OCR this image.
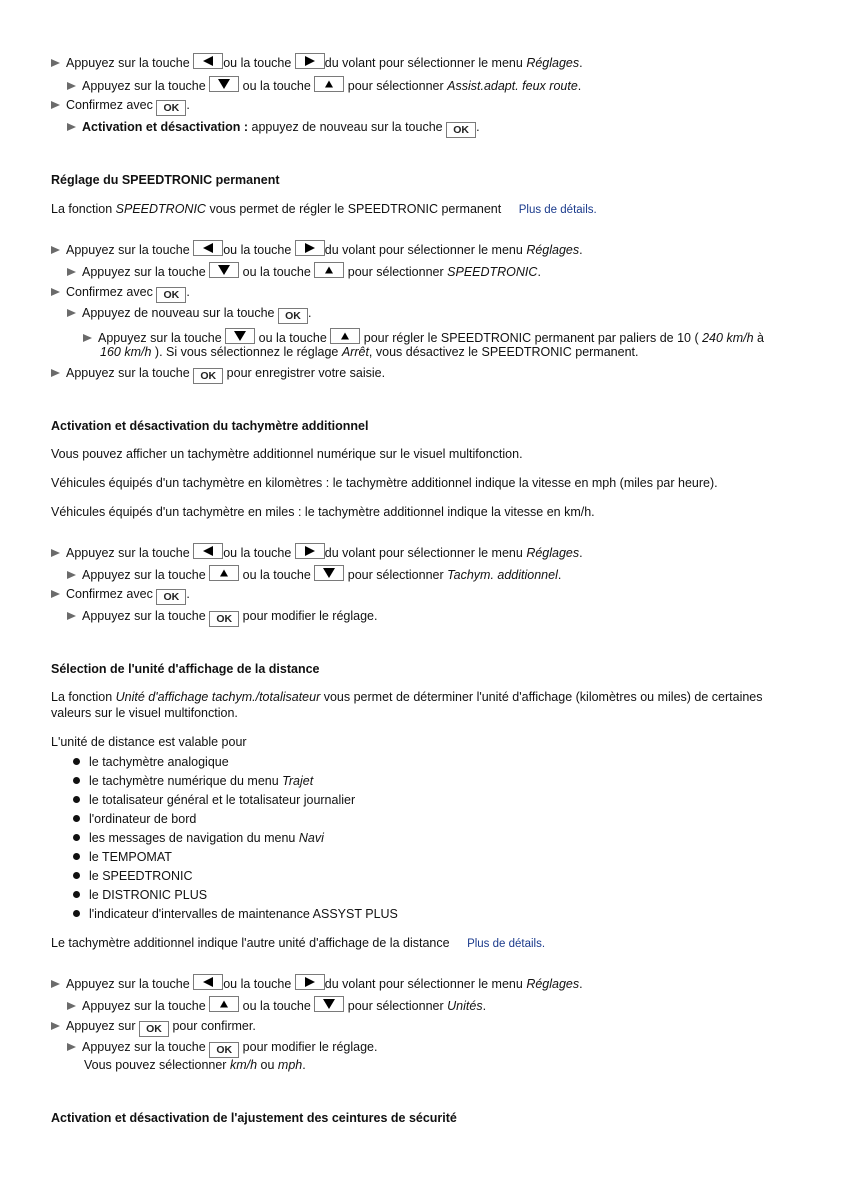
Appuyez sur la touche	ou la touche	du volant pour sélectionner le menu Réglages.
Appuyez sur la touche	ou la touche	pour sélectionner Assist.adapt. feux route.
Confirmez avec OK .
Activation et désactivation : appuyez de nouveau sur la touche OK .
Réglage du SPEEDTRONIC permanent
La fonction SPEEDTRONIC vous permet de régler le SPEEDTRONIC permanent Plus de détails.
Appuyez sur la touche	ou la touche	du volant pour sélectionner le menu Réglages.
Appuyez sur la touche	ou la touche	pour sélectionner SPEEDTRONIC.
Confirmez avec OK .
Appuyez de nouveau sur la touche OK .
Appuyez sur la touche	ou la touche	pour régler le SPEEDTRONIC permanent par paliers de 10 ( 240 km/h à
160 km/h ). Si vous sélectionnez le réglage Arrêt, vous désactivez le SPEEDTRONIC permanent.
Appuyez sur la touche OK pour enregistrer votre saisie.
Activation et désactivation du tachymètre additionnel
Vous pouvez afficher un tachymètre additionnel numérique sur le visuel multifonction.
Véhicules équipés d'un tachymètre en kilomètres : le tachymètre additionnel indique la vitesse en mph (miles par heure).
Véhicules équipés d'un tachymètre en miles : le tachymètre additionnel indique la vitesse en km/h.
Appuyez sur la touche	ou la touche	du volant pour sélectionner le menu Réglages.
Appuyez sur la touche	ou la touche	pour sélectionner Tachym. additionnel.
Confirmez avec OK .
Appuyez sur la touche OK pour modifier le réglage.
Sélection de l'unité d'affichage de la distance
La fonction Unité d'affichage tachym./totalisateur vous permet de déterminer l'unité d'affichage (kilomètres ou miles) de certaines
valeurs sur le visuel multifonction.
L'unité de distance est valable pour
le tachymètre analogique
le tachymètre numérique du menu Trajet
le totalisateur général et le totalisateur journalier
l'ordinateur de bord
les messages de navigation du menu Navi
le TEMPOMAT
le SPEEDTRONIC
le DISTRONIC PLUS
l'indicateur d'intervalles de maintenance ASSYST PLUS
Le tachymètre additionnel indique l'autre unité d'affichage de la distance Plus de détails.
Appuyez sur la touche	ou la touche	du volant pour sélectionner le menu Réglages.
Appuyez sur la touche	ou la touche	pour sélectionner Unités.
Appuyez sur OK pour confirmer.
Appuyez sur la touche OK pour modifier le réglage.
Vous pouvez sélectionner km/h ou mph.
Activation et désactivation de l'ajustement des ceintures de sécurité
